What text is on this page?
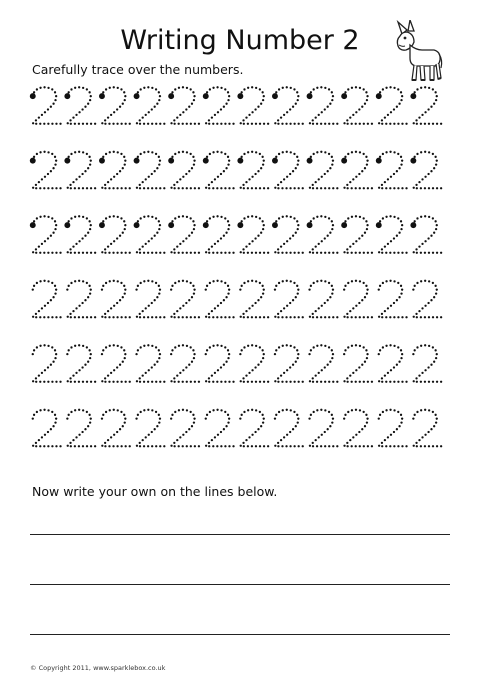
Writing Number 2
Carefully trace over the numbers.
Now write your own on the lines below.
© Copyright 2011, www.sparklebox.co.uk
